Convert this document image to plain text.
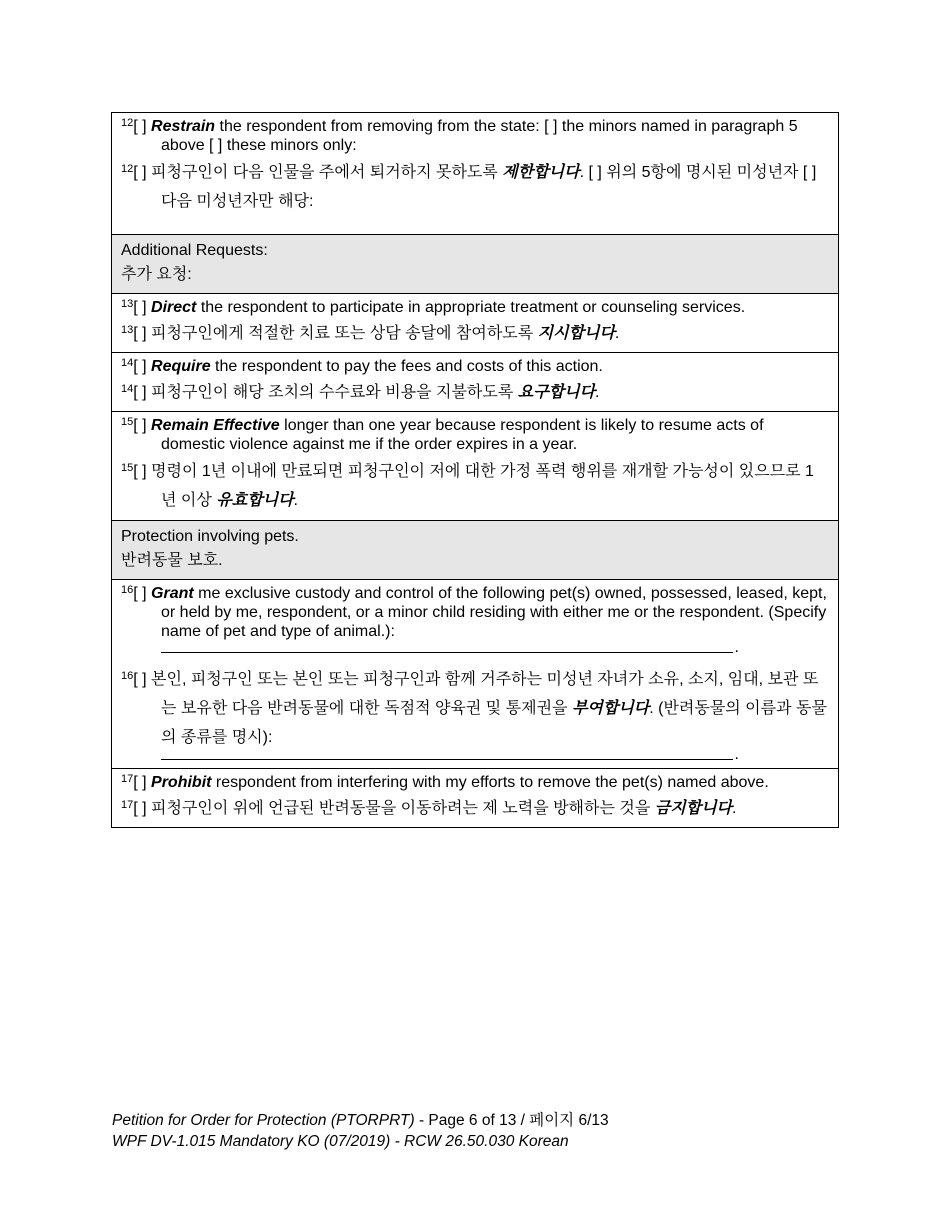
$^{12}$[ ] Restrain the respondent from removing from the state: [ ] the minors named in paragraph 5 above [ ] these minors only:
$^{12}$[ ] 피청구인이 다음 인물을 주에서 퇴거하지 못하도록 제한합니다. [ ] 위의 5항에 명시된 미성년자 [ ] 다음 미성년자만 해당:
Additional Requests:
추가 요청:
$^{13}$[ ] Direct the respondent to participate in appropriate treatment or counseling services.
$^{13}$[ ] 피청구인에게 적절한 치료 또는 상담 송달에 참여하도록 지시합니다.
$^{14}$[ ] Require the respondent to pay the fees and costs of this action.
$^{14}$[ ] 피청구인이 해당 조치의 수수료와 비용을 지불하도록 요구합니다.
$^{15}$[ ] Remain Effective longer than one year because respondent is likely to resume acts of domestic violence against me if the order expires in a year.
$^{15}$[ ] 명령이 1년 이내에 만료되면 피청구인이 저에 대한 가정 폭력 행위를 재개할 가능성이 있으므로 1년 이상 유효합니다.
Protection involving pets.
반려동물 보호.
$^{16}$[ ] Grant me exclusive custody and control of the following pet(s) owned, possessed, leased, kept, or held by me, respondent, or a minor child residing with either me or the respondent. (Specify name of pet and type of animal.):
.
$^{16}$[ ] 본인, 피청구인 또는 본인 또는 피청구인과 함께 거주하는 미성년 자녀가 소유, 소지, 임대, 보관 또는 보유한 다음 반려동물에 대한 독점적 양육권 및 통제권을 부여합니다. (반려동물의 이름과 동물의 종류를 명시):
.
$^{17}$[ ] Prohibit respondent from interfering with my efforts to remove the pet(s) named above.
$^{17}$[ ] 피청구인이 위에 언급된 반려동물을 이동하려는 제 노력을 방해하는 것을 금지합니다.
Petition for Order for Protection (PTORPRT) - Page 6 of 13 / 페이지 6/13
WPF DV-1.015 Mandatory KO (07/2019) - RCW 26.50.030 Korean
